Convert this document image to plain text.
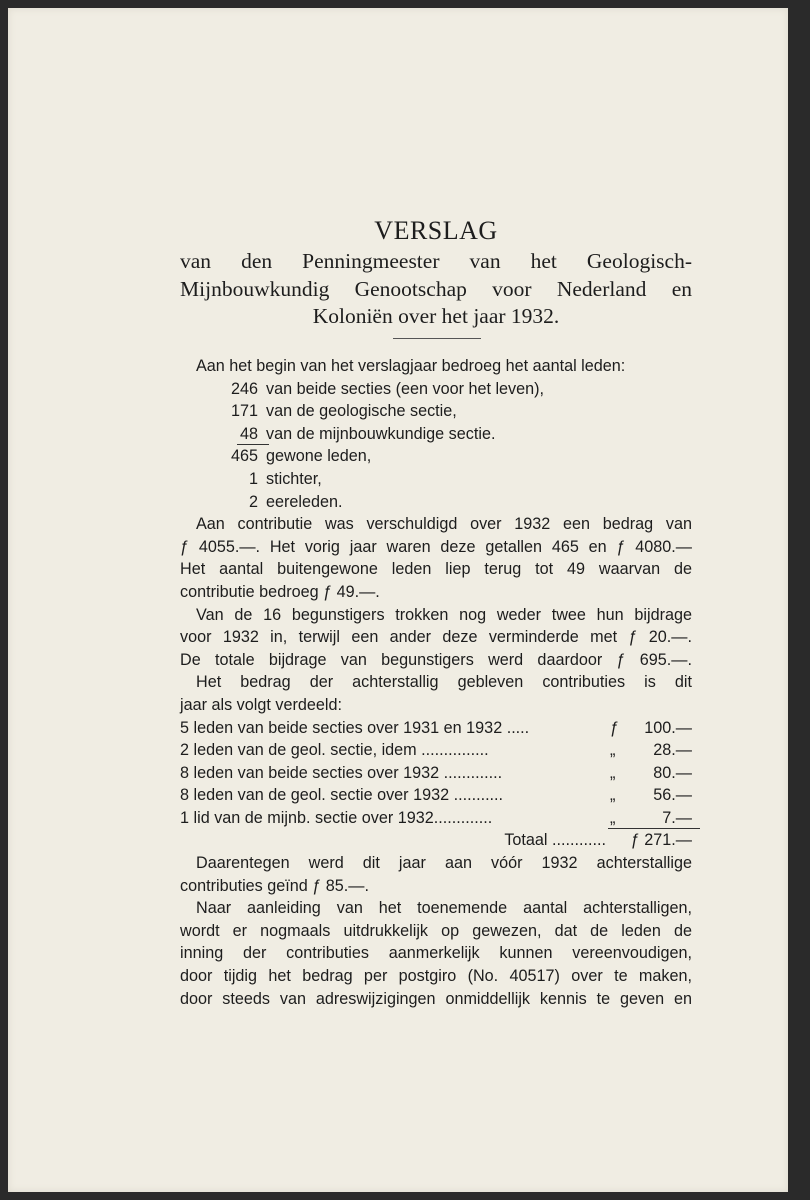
VERSLAG
van den Penningmeester van het Geologisch-Mijnbouwkundig Genootschap voor Nederland en Koloniën over het jaar 1932.
Aan het begin van het verslagjaar bedroeg het aantal leden:
246 van beide secties (een voor het leven),
171 van de geologische sectie,
48 van de mijnbouwkundige sectie.
465 gewone leden,
1 stichter,
2 eereleden.
Aan contributie was verschuldigd over 1932 een bedrag van
ƒ 4055.—. Het vorig jaar waren deze getallen 465 en ƒ 4080.—
Het aantal buitengewone leden liep terug tot 49 waarvan de
contributie bedroeg ƒ 49.—.
Van de 16 begunstigers trokken nog weder twee hun bijdrage
voor 1932 in, terwijl een ander deze verminderde met ƒ 20.—.
De totale bijdrage van begunstigers werd daardoor ƒ 695.—.
Het bedrag der achterstallig gebleven contributies is dit
jaar als volgt verdeeld:
5 leden van beide secties over 1931 en 1932 .....	ƒ 100.—
2 leden van de geol. sectie, idem ...............	„ 28.—
8 leden van beide secties over 1932 .............	„ 80.—
8 leden van de geol. sectie over 1932 ...........	„ 56.—
1 lid van de mijnb. sectie over 1932.............	„	7.—
Totaal ............	ƒ 271.—
Daarentegen werd dit jaar aan vóór 1932 achterstallige
contributies geïnd ƒ 85.—.
Naar aanleiding van het toenemende aantal achterstalligen,
wordt er nogmaals uitdrukkelijk op gewezen, dat de leden de
inning der contributies aanmerkelijk kunnen vereenvoudigen,
door tijdig het bedrag per postgiro (No. 40517) over te maken,
door steeds van adreswijzigingen onmiddellijk kennis te geven en
